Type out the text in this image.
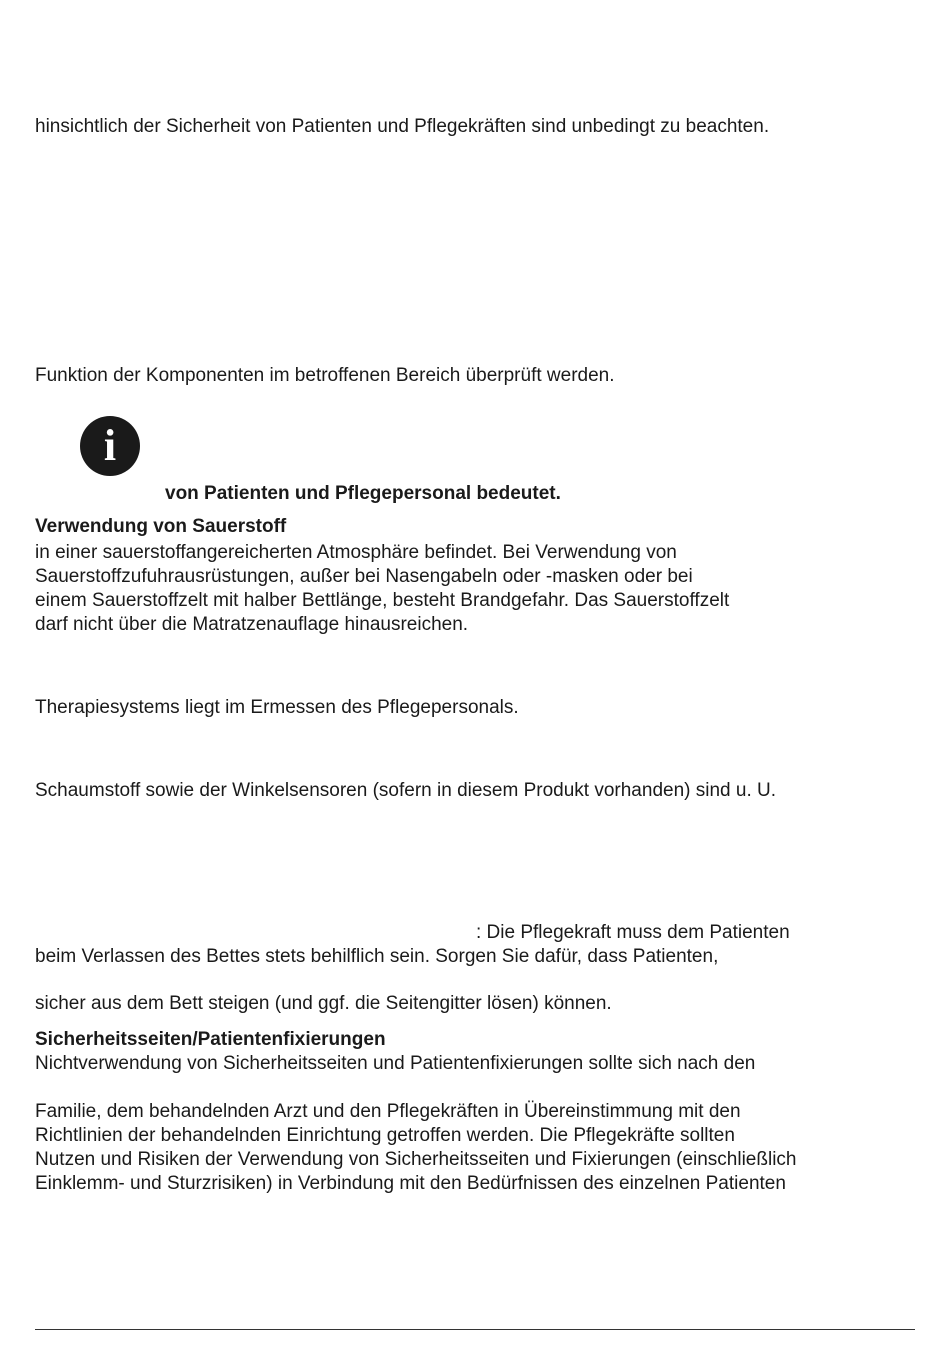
hinsichtlich der Sicherheit von Patienten und Pflegekräften sind unbedingt zu beachten.
Funktion der Komponenten im betroffenen Bereich überprüft werden.
i
von Patienten und Pflegepersonal bedeutet.
Verwendung von Sauerstoff
in einer sauerstoffangereicherten Atmosphäre befindet. Bei Verwendung von
Sauerstoffzufuhrausrüstungen, außer bei Nasengabeln oder -masken oder bei
einem Sauerstoffzelt mit halber Bettlänge, besteht Brandgefahr. Das Sauerstoffzelt
darf nicht über die Matratzenauflage hinausreichen.
Therapiesystems liegt im Ermessen des Pflegepersonals.
Schaumstoff sowie der Winkelsensoren (sofern in diesem Produkt vorhanden) sind u. U.
: Die Pflegekraft muss dem Patienten
beim Verlassen des Bettes stets behilflich sein. Sorgen Sie dafür, dass Patienten,
sicher aus dem Bett steigen (und ggf. die Seitengitter lösen) können.
Sicherheitsseiten/Patientenfixierungen
Nichtverwendung von Sicherheitsseiten und Patientenfixierungen sollte sich nach den
Familie, dem behandelnden Arzt und den Pflegekräften in Übereinstimmung mit den
Richtlinien der behandelnden Einrichtung getroffen werden. Die Pflegekräfte sollten
Nutzen und Risiken der Verwendung von Sicherheitsseiten und Fixierungen (einschließlich
Einklemm- und Sturzrisiken) in Verbindung mit den Bedürfnissen des einzelnen Patienten
